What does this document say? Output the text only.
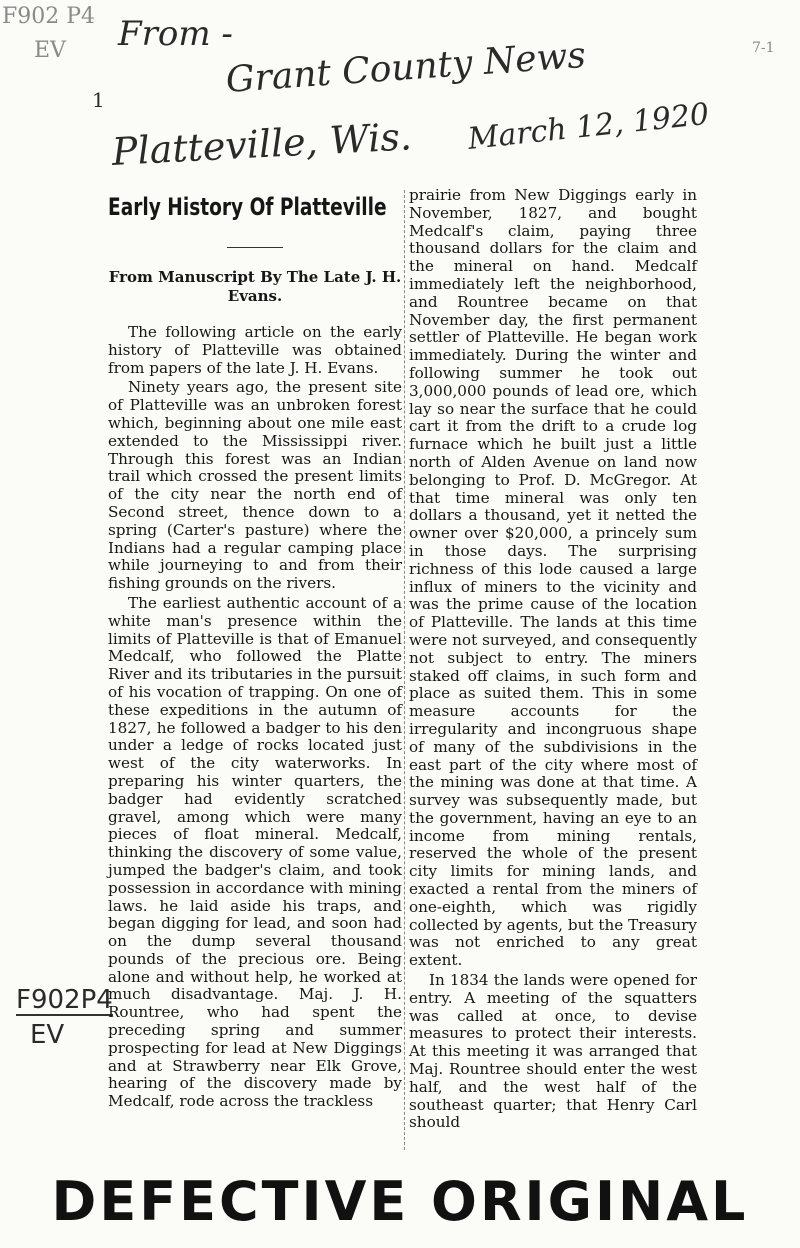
F902 P4
EV
1
From -
Grant County News
Platteville, Wis. March 12, 1920
7-1
F902P4
EV
Early History Of Platteville
From Manuscript By The Late J. H. Evans.

The following article on the early history of Platteville was obtained from papers of the late J. H. Evans.

Ninety years ago, the present site of Platteville was an unbroken forest which, beginning about one mile east extended to the Mississippi river. Through this forest was an Indian trail which crossed the present limits of the city near the north end of Second street, thence down to a spring (Carter's pasture) where the Indians had a regular camping place while journeying to and from their fishing grounds on the rivers.

The earliest authentic account of a white man's presence within the limits of Platteville is that of Emanuel Medcalf, who followed the Platte River and its tributaries in the pursuit of his vocation of trapping. On one of these expeditions in the autumn of 1827, he followed a badger to his den under a ledge of rocks located just west of the city waterworks. In preparing his winter quarters, the badger had evidently scratched gravel, among which were many pieces of float mineral. Medcalf, thinking the discovery of some value, jumped the badger's claim, and took possession in accordance with mining laws. he laid aside his traps, and began digging for lead, and soon had on the dump several thousand pounds of the precious ore. Being alone and without help, he worked at much disadvantage. Maj. J. H. Rountree, who had spent the preceding spring and summer prospecting for lead at New Diggings and at Strawberry near Elk Grove, hearing of the discovery made by Medcalf, rode across the trackless

prairie from New Diggings early in November, 1827, and bought Medcalf's claim, paying three thousand dollars for the claim and the mineral on hand. Medcalf immediately left the neighborhood, and Rountree became on that November day, the first permanent settler of Platteville. He began work immediately. During the winter and following summer he took out 3,000,000 pounds of lead ore, which lay so near the surface that he could cart it from the drift to a crude log furnace which he built just a little north of Alden Avenue on land now belonging to Prof. D. McGregor. At that time mineral was only ten dollars a thousand, yet it netted the owner over $20,000, a princely sum in those days. The surprising richness of this lode caused a large influx of miners to the vicinity and was the prime cause of the location of Platteville. The lands at this time were not surveyed, and consequently not subject to entry. The miners staked off claims, in such form and place as suited them. This in some measure accounts for the irregularity and incongruous shape of many of the subdivisions in the east part of the city where most of the mining was done at that time. A survey was subsequently made, but the government, having an eye to an income from mining rentals, reserved the whole of the present city limits for mining lands, and exacted a rental from the miners of one-eighth, which was rigidly collected by agents, but the Treasury was not enriched to any great extent.

In 1834 the lands were opened for entry. A meeting of the squatters was called at once, to devise measures to protect their interests. At this meeting it was arranged that Maj. Rountree should enter the west half, and the west half of the southeast quarter; that Henry Carl should

DEFECTIVE ORIGINAL
